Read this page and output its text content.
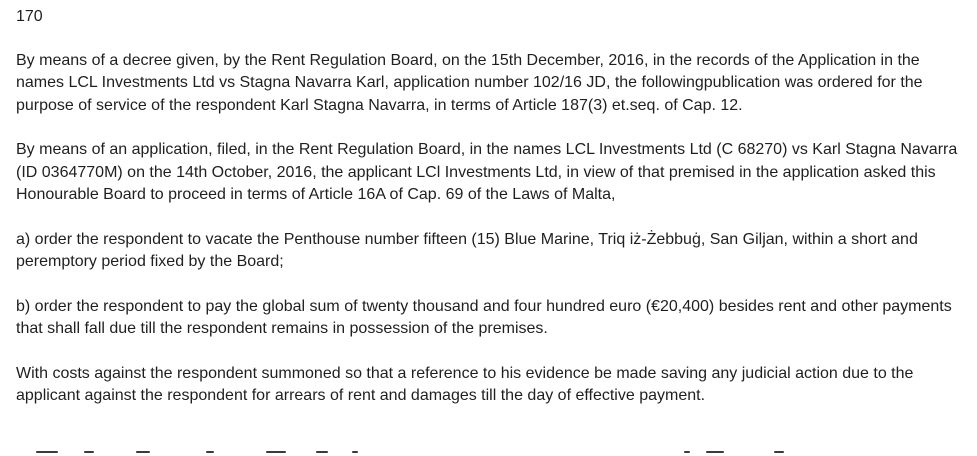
170

By means of a decree given, by the Rent Regulation Board, on the 15th December, 2016, in the records of the Application in the names LCL Investments Ltd vs Stagna Navarra Karl, application number 102/16 JD, the followingpublication was ordered for the purpose of service of the respondent Karl Stagna Navarra, in terms of Article 187(3) et.seq. of Cap. 12.

By means of an application, filed, in the Rent Regulation Board, in the names LCL Investments Ltd (C 68270) vs Karl Stagna Navarra (ID 0364770M) on the 14th October, 2016, the applicant LCl Investments Ltd, in view of that premised in the application asked this Honourable Board to proceed in terms of Article 16A of Cap. 69 of the Laws of Malta,

a) order the respondent to vacate the Penthouse number fifteen (15) Blue Marine, Triq iż-Żebbuġ, San Giljan, within a short and peremptory period fixed by the Board;

b) order the respondent to pay the global sum of twenty thousand and four hundred euro (€20,400) besides rent and other payments that shall fall due till the respondent remains in possession of the premises.

With costs against the respondent summoned so that a reference to his evidence be made saving any judicial action due to the applicant against the respondent for arrears of rent and damages till the day of effective payment.
